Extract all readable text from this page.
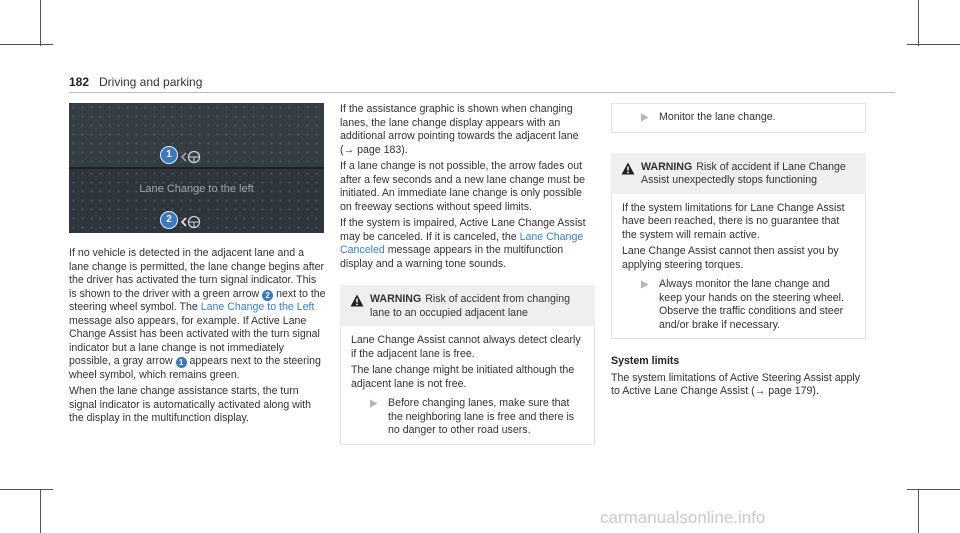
182 Driving and parking
1
Lane Change to the left
2

If no vehicle is detected in the adjacent lane and a lane change is permitted, the lane change begins after the driver has activated the turn signal indicator. This is shown to the driver with a green arrow 2 next to the steering wheel symbol. The Lane Change to the Left message also appears, for example. If Active Lane Change Assist has been activated with the turn signal indicator but a lane change is not immediately possible, a gray arrow 1 appears next to the steering wheel symbol, which remains green.

When the lane change assistance starts, the turn signal indicator is automatically activated along with the display in the multifunction display.

If the assistance graphic is shown when changing lanes, the lane change display appears with an additional arrow pointing towards the adjacent lane (→ page 183).

If a lane change is not possible, the arrow fades out after a few seconds and a new lane change must be initiated. An immediate lane change is only possible on freeway sections without speed limits.

If the system is impaired, Active Lane Change Assist may be canceled. If it is canceled, the Lane Change Canceled message appears in the multifunction display and a warning tone sounds.

WARNING Risk of accident from changing lane to an occupied adjacent lane

Lane Change Assist cannot always detect clearly if the adjacent lane is free.

The lane change might be initiated although the adjacent lane is not free.

Before changing lanes, make sure that the neighboring lane is free and there is no danger to other road users.
Monitor the lane change.
WARNING Risk of accident if Lane Change Assist unexpectedly stops functioning

If the system limitations for Lane Change Assist have been reached, there is no guarantee that the system will remain active.

Lane Change Assist cannot then assist you by applying steering torques.

Always monitor the lane change and keep your hands on the steering wheel. Observe the traffic conditions and steer and/or brake if necessary.

System limits

The system limitations of Active Steering Assist apply to Active Lane Change Assist (→ page 179).

carmanualsonline.info
